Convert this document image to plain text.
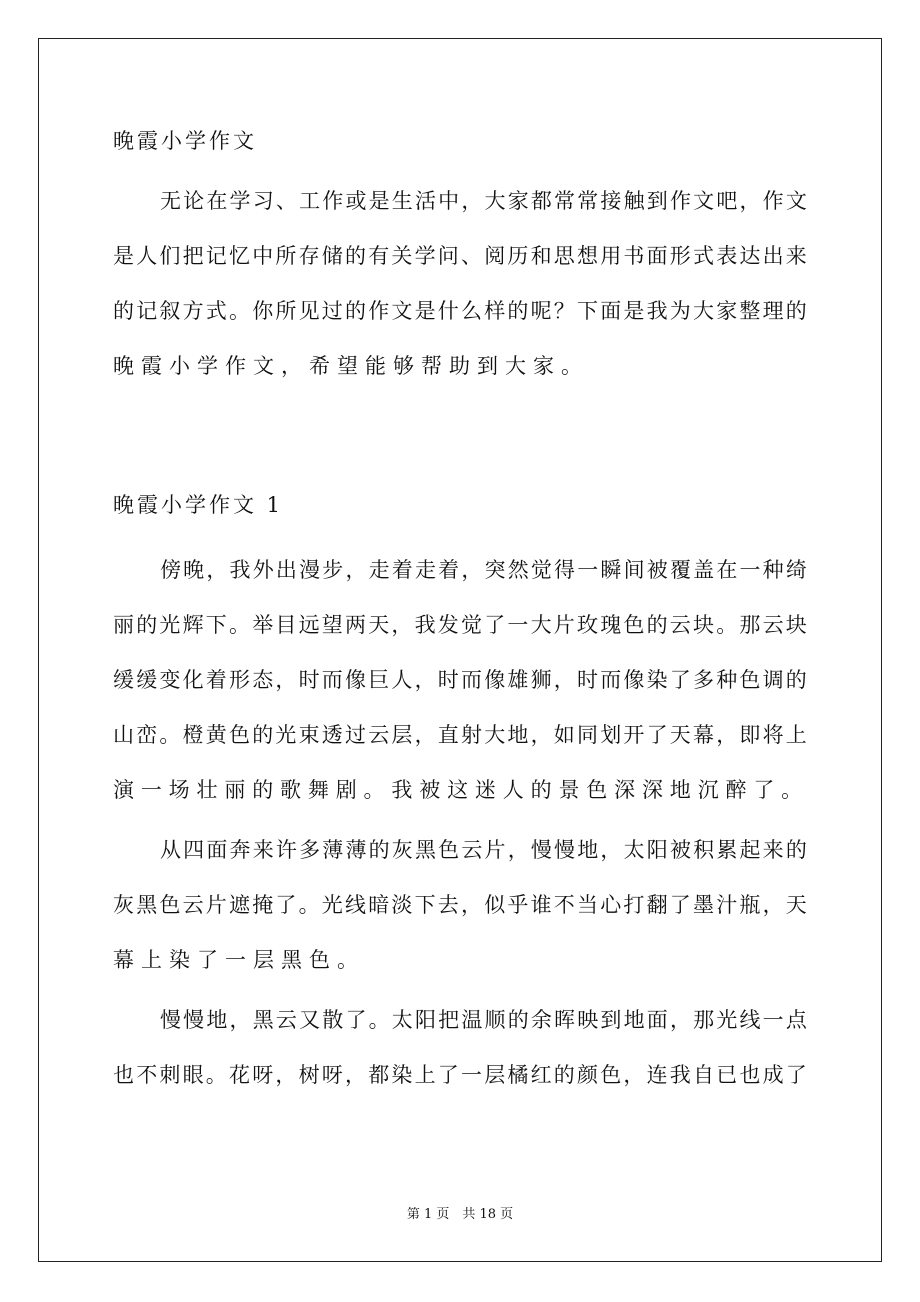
晚霞小学作文
无论在学习、工作或是生活中，大家都常常接触到作文吧，作文
是人们把记忆中所存储的有关学问、阅历和思想用书面形式表达出来
的记叙方式。你所见过的作文是什么样的呢？下面是我为大家整理的
晚霞小学作文，希望能够帮助到大家。
晚霞小学作文 1
傍晚，我外出漫步，走着走着，突然觉得一瞬间被覆盖在一种绮
丽的光辉下。举目远望两天，我发觉了一大片玫瑰色的云块。那云块
缓缓变化着形态，时而像巨人，时而像雄狮，时而像染了多种色调的
山峦。橙黄色的光束透过云层，直射大地，如同划开了天幕，即将上
演一场壮丽的歌舞剧。我被这迷人的景色深深地沉醉了。
从四面奔来许多薄薄的灰黑色云片，慢慢地，太阳被积累起来的
灰黑色云片遮掩了。光线暗淡下去，似乎谁不当心打翻了墨汁瓶，天
幕上染了一层黑色。
慢慢地，黑云又散了。太阳把温顺的余晖映到地面，那光线一点
也不刺眼。花呀，树呀，都染上了一层橘红的颜色，连我自已也成了
第 1 页　共 18 页
